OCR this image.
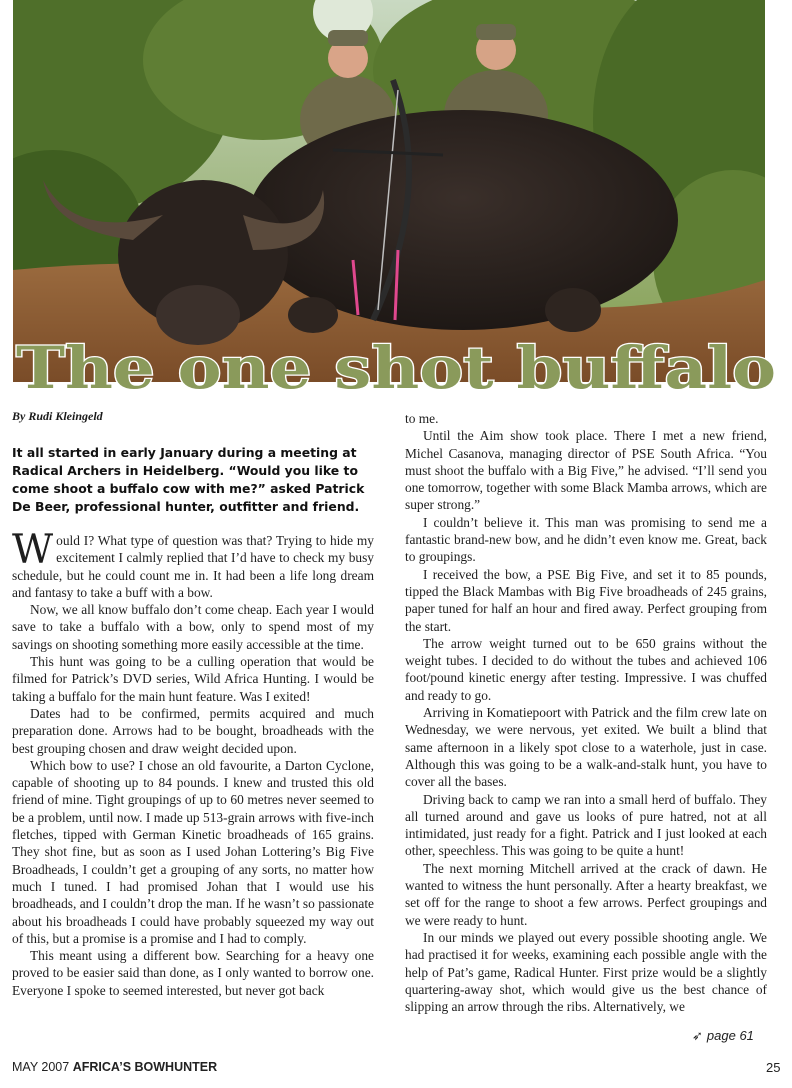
The one shot buffalo
By Rudi Kleingeld
It all started in early January during a meeting at Radical Archers in Heidelberg. “Would you like to come shoot a buffalo cow with me?” asked Patrick De Beer, professional hunter, outfitter and friend.

Would I? What type of question was that? Trying to hide my excitement I calmly replied that I’d have to check my busy schedule, but he could count me in. It had been a life long dream and fantasy to take a buff with a bow.

Now, we all know buffalo don’t come cheap. Each year I would save to take a buffalo with a bow, only to spend most of my savings on shooting something more easily accessible at the time.

This hunt was going to be a culling operation that would be filmed for Patrick’s DVD series, Wild Africa Hunting. I would be taking a buffalo for the main hunt feature. Was I exited!

Dates had to be confirmed, permits acquired and much preparation done. Arrows had to be bought, broadheads with the best grouping chosen and draw weight decided upon.

Which bow to use? I chose an old favourite, a Darton Cyclone, capable of shooting up to 84 pounds. I knew and trusted this old friend of mine. Tight groupings of up to 60 metres never seemed to be a problem, until now. I made up 513-grain arrows with five-inch fletches, tipped with German Kinetic broadheads of 165 grains. They shot fine, but as soon as I used Johan Lottering’s Big Five Broadheads, I couldn’t get a grouping of any sorts, no matter how much I tuned. I had promised Johan that I would use his broadheads, and I couldn’t drop the man. If he wasn’t so passionate about his broadheads I could have probably squeezed my way out of this, but a promise is a promise and I had to comply.

This meant using a different bow. Searching for a heavy one proved to be easier said than done, as I only wanted to borrow one. Everyone I spoke to seemed interested, but never got back

to me.

Until the Aim show took place. There I met a new friend, Michel Casanova, managing director of PSE South Africa. “You must shoot the buffalo with a Big Five,” he advised. “I’ll send you one tomorrow, together with some Black Mamba arrows, which are super strong.”

I couldn’t believe it. This man was promising to send me a fantastic brand-new bow, and he didn’t even know me. Great, back to groupings.

I received the bow, a PSE Big Five, and set it to 85 pounds, tipped the Black Mambas with Big Five broadheads of 245 grains, paper tuned for half an hour and fired away. Perfect grouping from the start.

The arrow weight turned out to be 650 grains without the weight tubes. I decided to do without the tubes and achieved 106 foot/pound kinetic energy after testing. Impressive. I was chuffed and ready to go.

Arriving in Komatiepoort with Patrick and the film crew late on Wednesday, we were nervous, yet exited. We built a blind that same afternoon in a likely spot close to a waterhole, just in case. Although this was going to be a walk-and-stalk hunt, you have to cover all the bases.

Driving back to camp we ran into a small herd of buffalo. They all turned around and gave us looks of pure hatred, not at all intimidated, just ready for a fight. Patrick and I just looked at each other, speechless. This was going to be quite a hunt!

The next morning Mitchell arrived at the crack of dawn. He wanted to witness the hunt personally. After a hearty breakfast, we set off for the range to shoot a few arrows. Perfect groupings and we were ready to hunt.

In our minds we played out every possible shooting angle. We had practised it for weeks, examining each possible angle with the help of Pat’s game, Radical Hunter. First prize would be a slightly quartering-away shot, which would give us the best chance of slipping an arrow through the ribs. Alternatively, we

➶ page 61
MAY 2007 AFRICA’S BOWHUNTER	25
